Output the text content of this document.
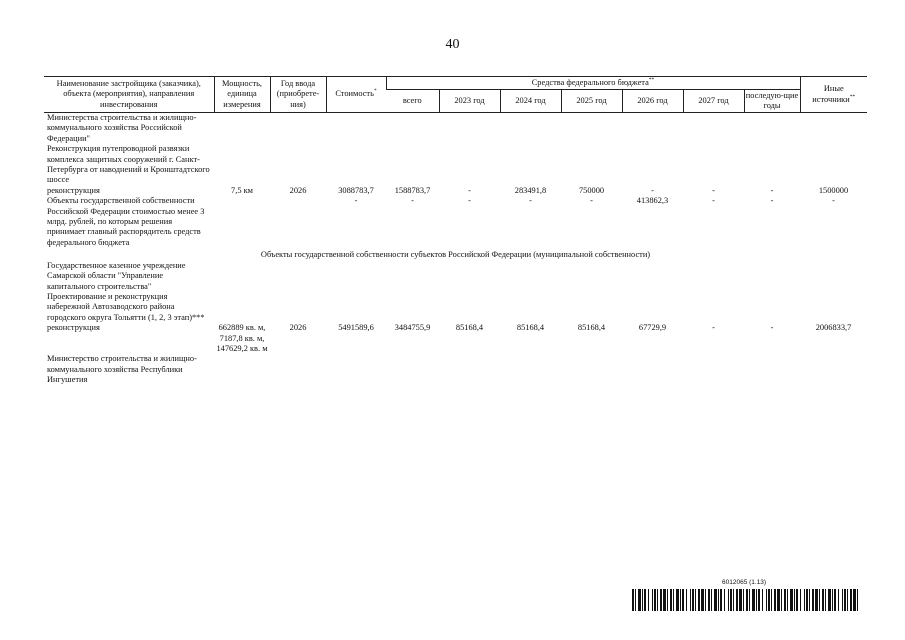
40
Наименование застройщика (заказчика), объекта (мероприятия), направления инвестирования	Мощность, единица измерения	Год ввода (приобрете-ния)	Стоимость*	Средства федерального бюджета**							Иные источники**
				всего	2023 год	2024 год	2025 год	2026 год	2027 год	последую-щие годы	
Министерства строительства и жилищно-коммунального хозяйства Российской Федерации"											
Реконструкция путепроводной развязки комплекса защитных сооружений г. Санкт-Петербурга от наводнений и Кронштадтского шоссе											
реконструкция	7,5 км	2026	3088783,7	1588783,7	-	283491,8	750000	-	-	-	1500000
Объекты государственной собственности Российской Федерации стоимостью менее 3 млрд. рублей, по которым решения принимает главный распорядитель средств федерального бюджета			-	-	-	-	-	413862,3	-	-	-
Объекты государственной собственности субъектов Российской Федерации (муниципальной собственности)											
Государственное казенное учреждение Самарской области "Управление капитального строительства"											
Проектирование и реконструкция набережной Автозаводского района городского округа Тольятти (1, 2, 3 этап)***											
реконструкция	662889 кв. м, 7187,8 кв. м, 147629,2 кв. м	2026	5491589,6	3484755,9	85168,4	85168,4	85168,4	67729,9	-	-	2006833,7
Министерство строительства и жилищно-коммунального хозяйства Республики Ингушетия											
6012065 (1.13)
